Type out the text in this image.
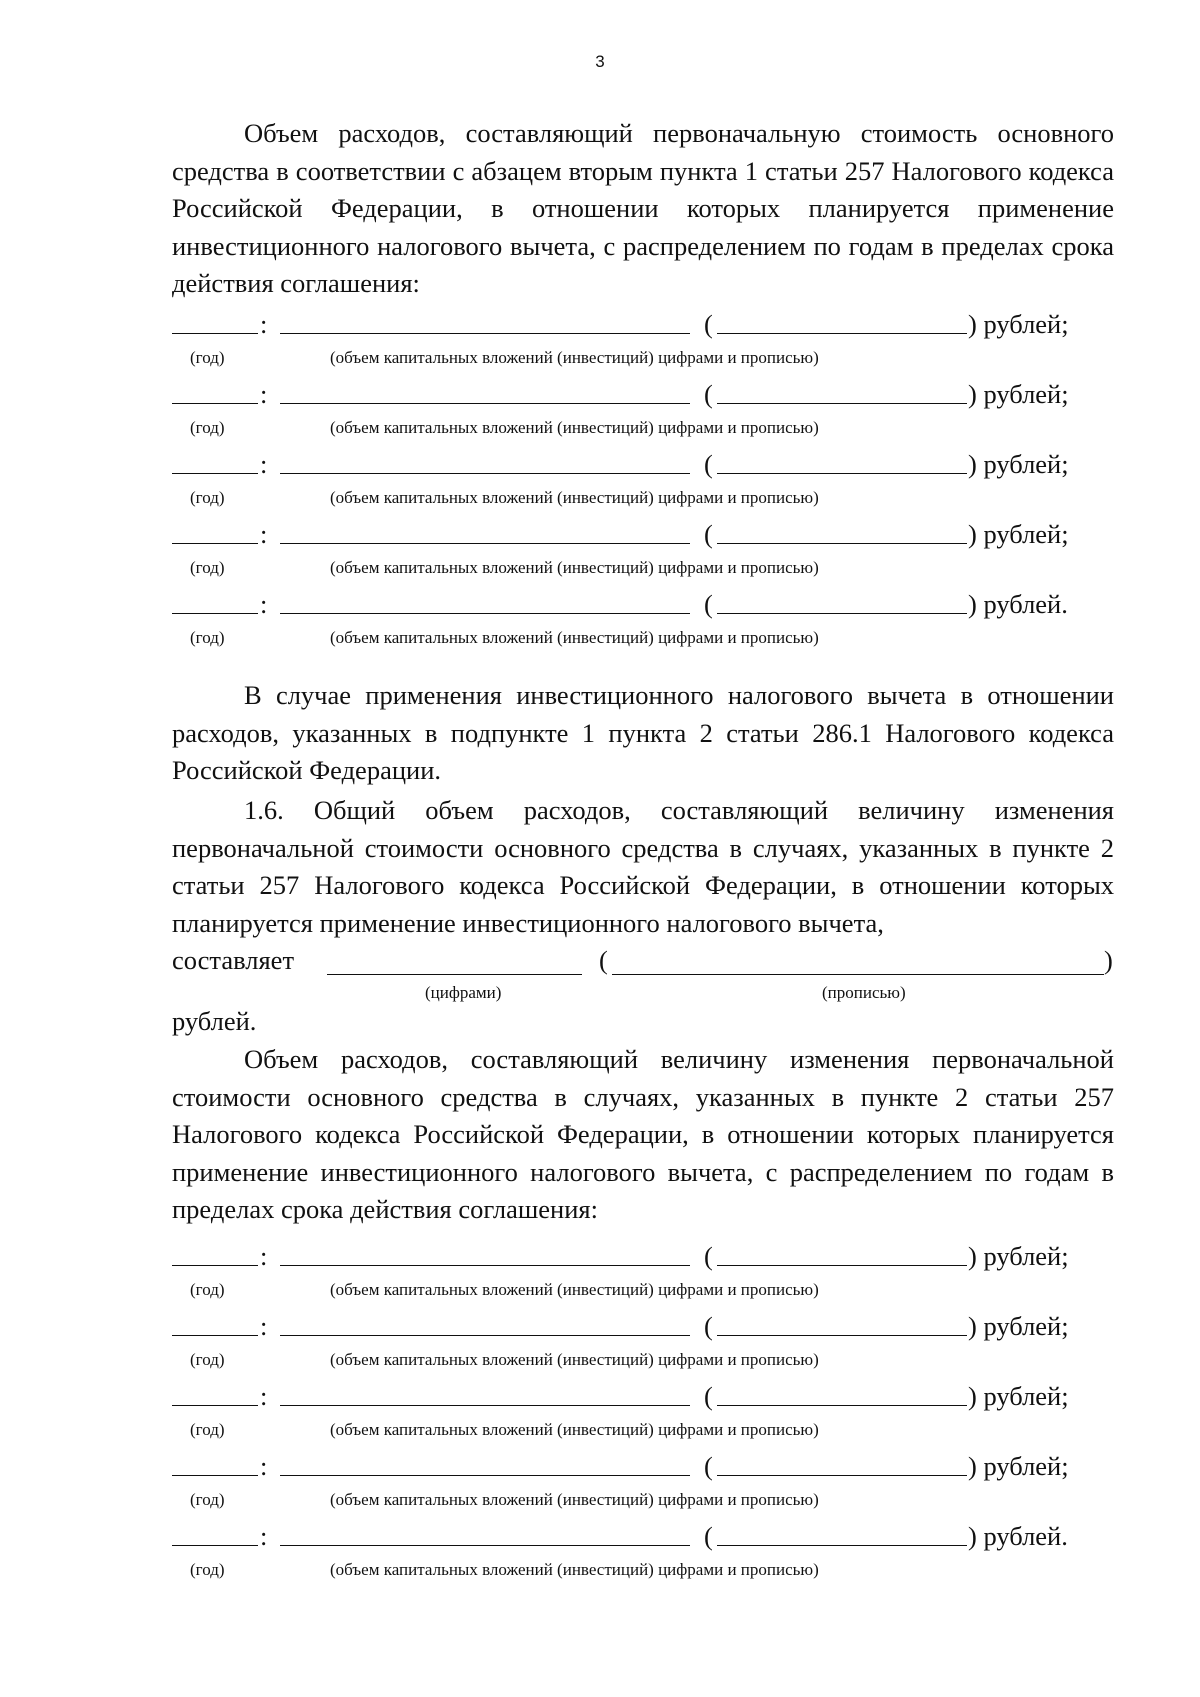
3

Объем расходов, составляющий первоначальную стоимость основного средства в соответствии с абзацем вторым пункта 1 статьи 257 Налогового кодекса Российской Федерации, в отношении которых планируется применение инвестиционного налогового вычета, с распределением по годам в пределах срока действия соглашения:

:	(	) рублей;
(год)	(объем капитальных вложений (инвестиций) цифрами и прописью)
:	(	) рублей;
(год)	(объем капитальных вложений (инвестиций) цифрами и прописью)
:	(	) рублей;
(год)	(объем капитальных вложений (инвестиций) цифрами и прописью)
:	(	) рублей;
(год)	(объем капитальных вложений (инвестиций) цифрами и прописью)
:	(	) рублей.
(год)	(объем капитальных вложений (инвестиций) цифрами и прописью)

В случае применения инвестиционного налогового вычета в отношении расходов, указанных в подпункте 1 пункта 2 статьи 286.1 Налогового кодекса Российской Федерации.

1.6. Общий объем расходов, составляющий величину изменения первоначальной стоимости основного средства в случаях, указанных в пункте 2 статьи 257 Налогового кодекса Российской Федерации, в отношении которых планируется применение инвестиционного налогового вычета,

составляет	(	)
(цифрами)	(прописью)
рублей.

Объем расходов, составляющий величину изменения первоначальной стоимости основного средства в случаях, указанных в пункте 2 статьи 257 Налогового кодекса Российской Федерации, в отношении которых планируется применение инвестиционного налогового вычета, с распределением по годам в пределах срока действия соглашения:

:	(	) рублей;
(год)	(объем капитальных вложений (инвестиций) цифрами и прописью)
:	(	) рублей;
(год)	(объем капитальных вложений (инвестиций) цифрами и прописью)
:	(	) рублей;
(год)	(объем капитальных вложений (инвестиций) цифрами и прописью)
:	(	) рублей;
(год)	(объем капитальных вложений (инвестиций) цифрами и прописью)
:	(	) рублей.
(год)	(объем капитальных вложений (инвестиций) цифрами и прописью)
